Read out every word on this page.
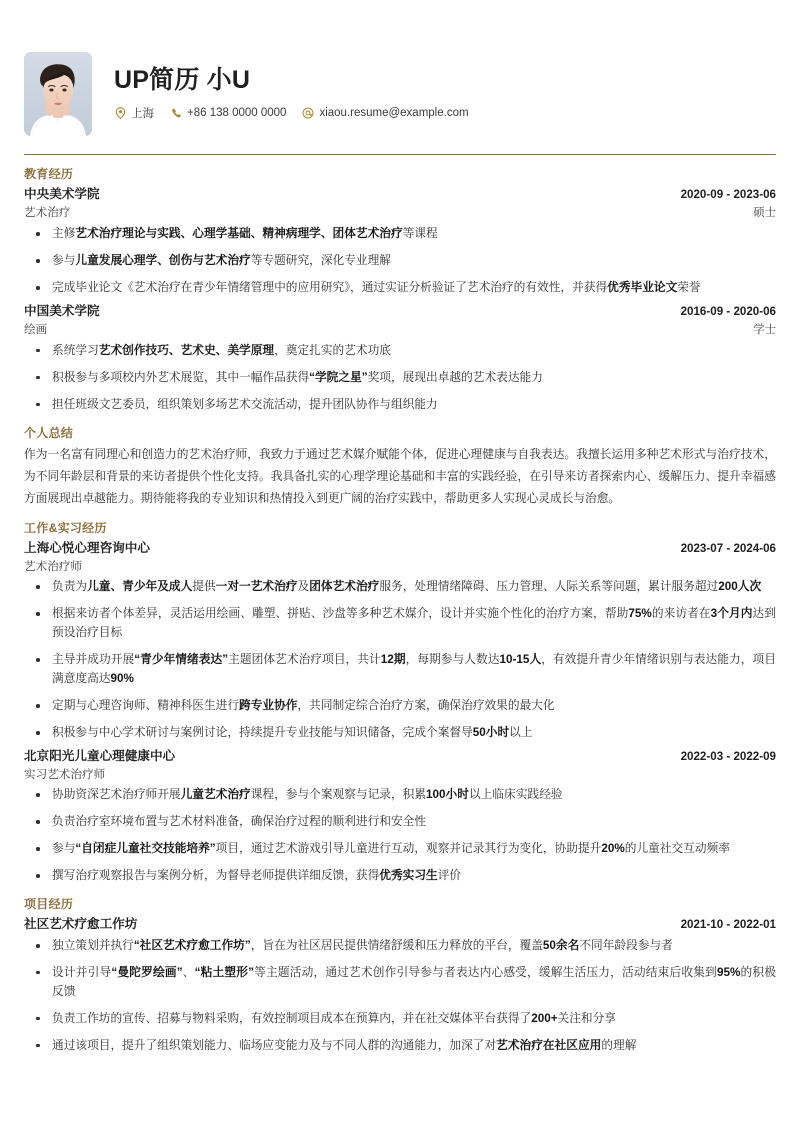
UP简历 小U
上海	+86 138 0000 0000	xiaou.resume@example.com
教育经历
中央美术学院	2020-09 - 2023-06
艺术治疗	硕士
主修艺术治疗理论与实践、心理学基础、精神病理学、团体艺术治疗等课程
参与儿童发展心理学、创伤与艺术治疗等专题研究，深化专业理解
完成毕业论文《艺术治疗在青少年情绪管理中的应用研究》，通过实证分析验证了艺术治疗的有效性，并获得优秀毕业论文荣誉
中国美术学院	2016-09 - 2020-06
绘画	学士
系统学习艺术创作技巧、艺术史、美学原理，奠定扎实的艺术功底
积极参与多项校内外艺术展览，其中一幅作品获得“学院之星”奖项，展现出卓越的艺术表达能力
担任班级文艺委员，组织策划多场艺术交流活动，提升团队协作与组织能力
个人总结
作为一名富有同理心和创造力的艺术治疗师，我致力于通过艺术媒介赋能个体，促进心理健康与自我表达。我擅长运用多种艺术形式与治疗技术，为不同年龄层和背景的来访者提供个性化支持。我具备扎实的心理学理论基础和丰富的实践经验，在引导来访者探索内心、缓解压力、提升幸福感方面展现出卓越能力。期待能将我的专业知识和热情投入到更广阔的治疗实践中，帮助更多人实现心灵成长与治愈。
工作&实习经历
上海心悦心理咨询中心	2023-07 - 2024-06
艺术治疗师
负责为儿童、青少年及成人提供一对一艺术治疗及团体艺术治疗服务，处理情绪障碍、压力管理、人际关系等问题，累计服务超过200人次
根据来访者个体差异，灵活运用绘画、雕塑、拼贴、沙盘等多种艺术媒介，设计并实施个性化的治疗方案，帮助75%的来访者在3个月内达到预设治疗目标
主导并成功开展“青少年情绪表达”主题团体艺术治疗项目，共计12期，每期参与人数达10-15人，有效提升青少年情绪识别与表达能力，项目满意度高达90%
定期与心理咨询师、精神科医生进行跨专业协作，共同制定综合治疗方案，确保治疗效果的最大化
积极参与中心学术研讨与案例讨论，持续提升专业技能与知识储备，完成个案督导50小时以上
北京阳光儿童心理健康中心	2022-03 - 2022-09
实习艺术治疗师
协助资深艺术治疗师开展儿童艺术治疗课程，参与个案观察与记录，积累100小时以上临床实践经验
负责治疗室环境布置与艺术材料准备，确保治疗过程的顺利进行和安全性
参与“自闭症儿童社交技能培养”项目，通过艺术游戏引导儿童进行互动，观察并记录其行为变化，协助提升20%的儿童社交互动频率
撰写治疗观察报告与案例分析，为督导老师提供详细反馈，获得优秀实习生评价
项目经历
社区艺术疗愈工作坊	2021-10 - 2022-01
独立策划并执行“社区艺术疗愈工作坊”，旨在为社区居民提供情绪舒缓和压力释放的平台，覆盖50余名不同年龄段参与者
设计并引导“曼陀罗绘画”、“粘土塑形”等主题活动，通过艺术创作引导参与者表达内心感受，缓解生活压力，活动结束后收集到95%的积极反馈
负责工作坊的宣传、招募与物料采购，有效控制项目成本在预算内，并在社交媒体平台获得了200+关注和分享
通过该项目，提升了组织策划能力、临场应变能力及与不同人群的沟通能力，加深了对艺术治疗在社区应用的理解
